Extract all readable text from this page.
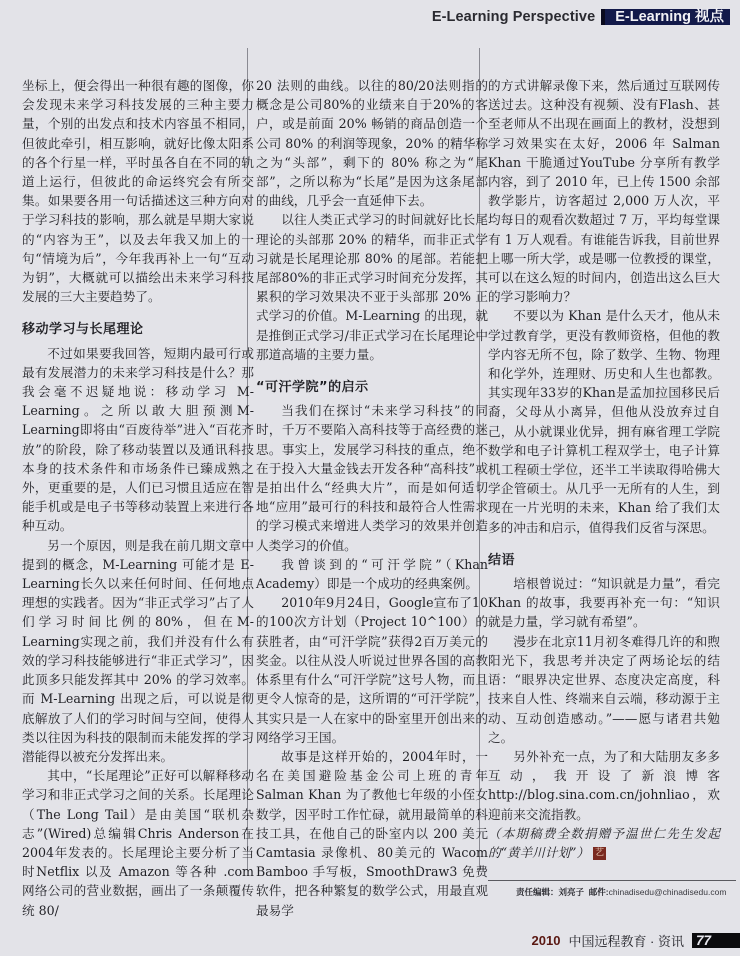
E-Learning Perspective	E-Learning 视点

坐标上，便会得出一种很有趣的图像，你会发现未来学习科技发展的三种主要力量，个别的出发点和技术内容虽不相同，但彼此牵引，相互影响，就好比像太阳系的各个行星一样，平时虽各自在不同的轨道上运行，但彼此的命运终究会有所交集。如果要各用一句话描述这三种方向对于学习科技的影响，那么就是早期大家说的“内容为王”，以及去年我又加上的一句“情境为后”，今年我再补上一句“互动为钥”，大概就可以描绘出未来学习科技发展的三大主要趋势了。

移动学习与长尾理论

不过如果要我回答，短期内最可行或最有发展潜力的未来学习科技是什么？那我会毫不迟疑地说：移动学习 M-Learning。之所以敢大胆预测M-Learning即将由“百废待举”进入“百花齐放”的阶段，除了移动装置以及通讯科技本身的技术条件和市场条件已臻成熟之外，更重要的是，人们已习惯且适应在智能手机或是电子书等移动装置上来进行各种互动。

另一个原因，则是我在前几期文章中提到的概念，M-Learning 可能才是 E-Learning长久以来任何时间、任何地点理想的实践者。因为“非正式学习”占了人们学习时间比例的80%，但在M-Learning实现之前，我们并没有什么有效的学习科技能够进行“非正式学习”，因此顶多只能发挥其中 20% 的学习效率。而 M-Learning 出现之后，可以说是彻底解放了人们的学习时间与空间，使得人类以往因为科技的限制而未能发挥的学习潜能得以被充分发挥出来。

其中，“长尾理论”正好可以解释移动学习和非正式学习之间的关系。长尾理论（The Long Tail）是由美国“联机杂志”(Wired)总编辑Chris Anderson在2004年发表的。长尾理论主要分析了当时Netflix 以及 Amazon 等各种 .com 网络公司的营业数据，画出了一条颠覆传统 80/

20 法则的曲线。以往的80/20法则指的概念是公司80%的业绩来自于20%的客户，或是前面 20% 畅销的商品创造一个公司 80% 的利润等现象，20% 的精华称之为“头部”，剩下的 80% 称之为“尾部”，之所以称为“长尾”是因为这条尾部的曲线，几乎会一直延伸下去。

以往人类正式学习的时间就好比长尾理论的头部那 20% 的精华，而非正式学习就是长尾理论那 80% 的尾部。若能把尾部80%的非正式学习时间充分发挥，其累积的学习效果决不亚于头部那 20% 正式学习的价值。M-Learning 的出现，就是推倒正式学习/非正式学习在长尾理论中那道高墙的主要力量。

“可汗学院”的启示

当我们在探讨“未来学习科技”的同时，千万不要陷入高科技等于高经费的迷思。事实上，发展学习科技的重点，绝不在于投入大量金钱去开发各种“高科技”或是拍出什么“经典大片”，而是如何适切地“应用”最可行的科技和最符合人性需求的学习模式来增进人类学习的效果并创造人类学习的价值。

我曾谈到的“可汗学院”（Khan Academy）即是一个成功的经典案例。

2010年9月24日，Google宣布了10的100次方计划（Project 10^100）的获胜者，由“可汗学院”获得2百万美元的奖金。以往从没人听说过世界各国的高教体系里有什么“可汗学院”这号人物，而且更令人惊奇的是，这所谓的“可汗学院”，其实只是一人在家中的卧室里开创出来的网络学习王国。

故事是这样开始的，2004年时，一名在美国避险基金公司上班的青年Salman Khan 为了教他七年级的小侄女数学，因平时工作忙碌，就用最简单的科技工具，在他自己的卧室内以 200 美元 Camtasia 录像机、80美元的 Wacom Bamboo 手写板，SmoothDraw3 免费软件，把各种繁复的数学公式，用最直观最易学

的方式讲解录像下来，然后通过互联网传送过去。这种没有视频、没有Flash、甚至老师从不出现在画面上的教材，没想到学习效果实在太好，2006 年 Salman Khan 干脆通过YouTube 分享所有教学内容，到了 2010 年，已上传 1500 余部教学影片，访客超过 2,000 万人次，平均每日的观看次数超过 7 万，平均每堂课有 1 万人观看。有谁能告诉我，目前世界上哪一所大学，或是哪一位教授的课堂，可以在这么短的时间内，创造出这么巨大的学习影响力？

不要以为 Khan 是什么天才，他从未学过教育学，更没有教师资格，但他的教学内容无所不包，除了数学、生物、物理和化学外，连理财、历史和人生也都教。其实现年33岁的Khan是孟加拉国移民后裔，父母从小离异，但他从没放弃过自己，从小就课业优异，拥有麻省理工学院数学和电子计算机工程双学士，电子计算机工程硕士学位，还半工半读取得哈佛大学企管硕士。从几乎一无所有的人生，到现在一片光明的未来，Khan 给了我们太多的冲击和启示，值得我们反省与深思。

结语

培根曾说过：“知识就是力量”，看完 Khan 的故事，我要再补充一句：“知识就是力量，学习就有希望”。

漫步在北京11月初冬难得几许的和煦阳光下，我思考并决定了两场论坛的结语：“眼界决定世界、态度决定高度，科技来自人性、终端来自云端，移动源于主动、互动创造感动。”——愿与诸君共勉之。

另外补充一点，为了和大陆朋友多多互动，我开设了新浪博客 http://blog.sina.com.cn/johnliao，欢迎前来交流指教。

（本期稿费全数捐赠予温世仁先生发起的“黄羊川计划”） 艺

责任编辑：刘亮子 邮件:chinadisedu@chinadisedu.com
2010 中国远程教育 · 资讯 77
